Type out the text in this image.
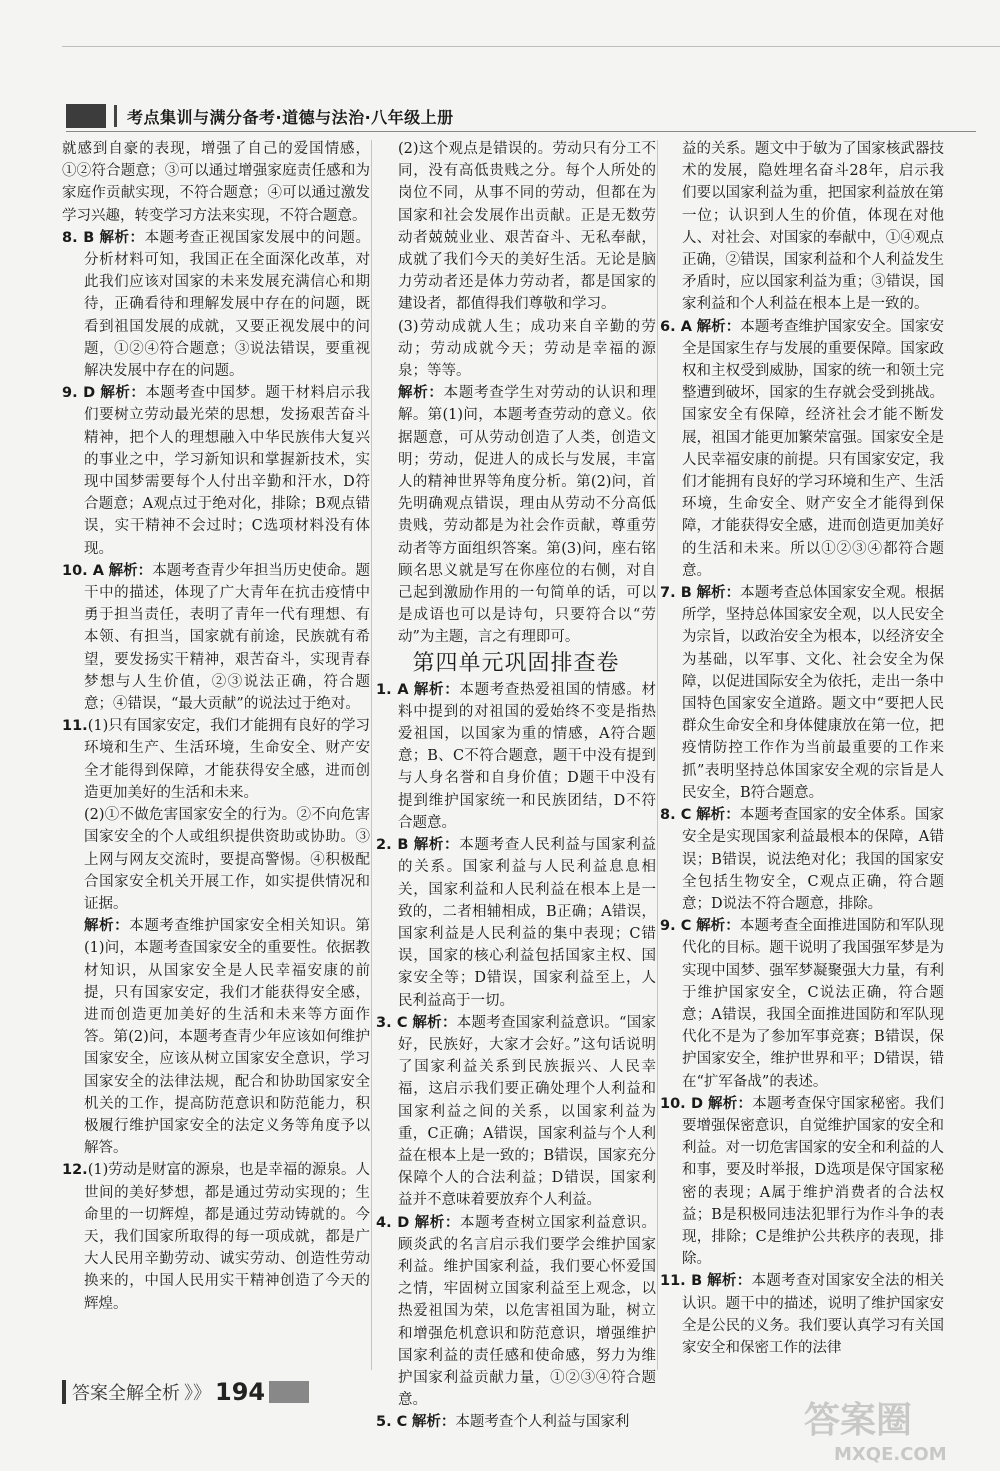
考点集训与满分备考·道德与法治·八年级上册

就感到自豪的表现，增强了自己的爱国情感，①②符合题意；③可以通过增强家庭责任感和为家庭作贡献实现，不符合题意；④可以通过激发学习兴趣，转变学习方法来实现，不符合题意。

8. B 解析：本题考查正视国家发展中的问题。分析材料可知，我国正在全面深化改革，对此我们应该对国家的未来发展充满信心和期待，正确看待和理解发展中存在的问题，既看到祖国发展的成就，又要正视发展中的问题，①②④符合题意；③说法错误，要重视解决发展中存在的问题。

9. D 解析：本题考查中国梦。题干材料启示我们要树立劳动最光荣的思想，发扬艰苦奋斗精神，把个人的理想融入中华民族伟大复兴的事业之中，学习新知识和掌握新技术，实现中国梦需要每个人付出辛勤和汗水，D符合题意；A观点过于绝对化，排除；B观点错误，实干精神不会过时；C选项材料没有体现。

10. A 解析：本题考查青少年担当历史使命。题干中的描述，体现了广大青年在抗击疫情中勇于担当责任，表明了青年一代有理想、有本领、有担当，国家就有前途，民族就有希望，要发扬实干精神，艰苦奋斗，实现青春梦想与人生价值，②③说法正确，符合题意；④错误，“最大贡献”的说法过于绝对。

11.(1)只有国家安定，我们才能拥有良好的学习环境和生产、生活环境，生命安全、财产安全才能得到保障，才能获得安全感，进而创造更加美好的生活和未来。

(2)①不做危害国家安全的行为。②不向危害国家安全的个人或组织提供资助或协助。③上网与网友交流时，要提高警惕。④积极配合国家安全机关开展工作，如实提供情况和证据。

解析：本题考查维护国家安全相关知识。第(1)问，本题考查国家安全的重要性。依据教材知识，从国家安全是人民幸福安康的前提，只有国家安定，我们才能获得安全感，进而创造更加美好的生活和未来等方面作答。第(2)问，本题考查青少年应该如何维护国家安全，应该从树立国家安全意识，学习国家安全的法律法规，配合和协助国家安全机关的工作，提高防范意识和防范能力，积极履行维护国家安全的法定义务等角度予以解答。

12.(1)劳动是财富的源泉，也是幸福的源泉。人世间的美好梦想，都是通过劳动实现的；生命里的一切辉煌，都是通过劳动铸就的。今天，我们国家所取得的每一项成就，都是广大人民用辛勤劳动、诚实劳动、创造性劳动换来的，中国人民用实干精神创造了今天的辉煌。

(2)这个观点是错误的。劳动只有分工不同，没有高低贵贱之分。每个人所处的岗位不同，从事不同的劳动，但都在为国家和社会发展作出贡献。正是无数劳动者兢兢业业、艰苦奋斗、无私奉献，成就了我们今天的美好生活。无论是脑力劳动者还是体力劳动者，都是国家的建设者，都值得我们尊敬和学习。

(3)劳动成就人生；成功来自辛勤的劳动；劳动成就今天；劳动是幸福的源泉；等等。

解析：本题考查学生对劳动的认识和理解。第(1)问，本题考查劳动的意义。依据题意，可从劳动创造了人类，创造文明；劳动，促进人的成长与发展，丰富人的精神世界等角度分析。第(2)问，首先明确观点错误，理由从劳动不分高低贵贱，劳动都是为社会作贡献，尊重劳动者等方面组织答案。第(3)问，座右铭顾名思义就是写在你座位的右侧，对自己起到激励作用的一句简单的话，可以是成语也可以是诗句，只要符合以“劳动”为主题，言之有理即可。

第四单元巩固排查卷

1. A 解析：本题考查热爱祖国的情感。材料中提到的对祖国的爱始终不变是指热爱祖国，以国家为重的情感，A符合题意；B、C不符合题意，题干中没有提到与人身名誉和自身价值；D题干中没有提到维护国家统一和民族团结，D不符合题意。

2. B 解析：本题考查人民利益与国家利益的关系。国家利益与人民利益息息相关，国家利益和人民利益在根本上是一致的，二者相辅相成，B正确；A错误，国家利益是人民利益的集中表现；C错误，国家的核心利益包括国家主权、国家安全等；D错误，国家利益至上，人民利益高于一切。

3. C 解析：本题考查国家利益意识。“国家好，民族好，大家才会好。”这句话说明了国家利益关系到民族振兴、人民幸福，这启示我们要正确处理个人利益和国家利益之间的关系，以国家利益为重，C正确；A错误，国家利益与个人利益在根本上是一致的；B错误，国家充分保障个人的合法利益；D错误，国家利益并不意味着要放弃个人利益。

4. D 解析：本题考查树立国家利益意识。顾炎武的名言启示我们要学会维护国家利益。维护国家利益，我们要心怀爱国之情，牢固树立国家利益至上观念，以热爱祖国为荣，以危害祖国为耻，树立和增强危机意识和防范意识，增强维护国家利益的责任感和使命感，努力为维护国家利益贡献力量，①②③④符合题意。

5. C 解析：本题考查个人利益与国家利

益的关系。题文中于敏为了国家核武器技术的发展，隐姓埋名奋斗28年，启示我们要以国家利益为重，把国家利益放在第一位；认识到人生的价值，体现在对他人、对社会、对国家的奉献中，①④观点正确，②错误，国家利益和个人利益发生矛盾时，应以国家利益为重；③错误，国家利益和个人利益在根本上是一致的。

6. A 解析：本题考查维护国家安全。国家安全是国家生存与发展的重要保障。国家政权和主权受到威胁，国家的统一和领土完整遭到破坏，国家的生存就会受到挑战。国家安全有保障，经济社会才能不断发展，祖国才能更加繁荣富强。国家安全是人民幸福安康的前提。只有国家安定，我们才能拥有良好的学习环境和生产、生活环境，生命安全、财产安全才能得到保障，才能获得安全感，进而创造更加美好的生活和未来。所以①②③④都符合题意。

7. B 解析：本题考查总体国家安全观。根据所学，坚持总体国家安全观，以人民安全为宗旨，以政治安全为根本，以经济安全为基础，以军事、文化、社会安全为保障，以促进国际安全为依托，走出一条中国特色国家安全道路。题文中“要把人民群众生命安全和身体健康放在第一位，把疫情防控工作作为当前最重要的工作来抓”表明坚持总体国家安全观的宗旨是人民安全，B符合题意。

8. C 解析：本题考查国家的安全体系。国家安全是实现国家利益最根本的保障，A错误；B错误，说法绝对化；我国的国家安全包括生物安全，C观点正确，符合题意；D说法不符合题意，排除。

9. C 解析：本题考查全面推进国防和军队现代化的目标。题干说明了我国强军梦是为实现中国梦、强军梦凝聚强大力量，有利于维护国家安全，C说法正确，符合题意；A错误，我国全面推进国防和军队现代化不是为了参加军事竞赛；B错误，保护国家安全，维护世界和平；D错误，错在“扩军备战”的表述。

10. D 解析：本题考查保守国家秘密。我们要增强保密意识，自觉维护国家的安全和利益。对一切危害国家的安全和利益的人和事，要及时举报，D选项是保守国家秘密的表现；A属于维护消费者的合法权益；B是积极同违法犯罪行为作斗争的表现，排除；C是维护公共秩序的表现，排除。

11. B 解析：本题考查对国家安全法的相关认识。题干中的描述，说明了维护国家安全是公民的义务。我们要认真学习有关国家安全和保密工作的法律

答案全解全析 》》 194
答案圈
MXQE.COM
